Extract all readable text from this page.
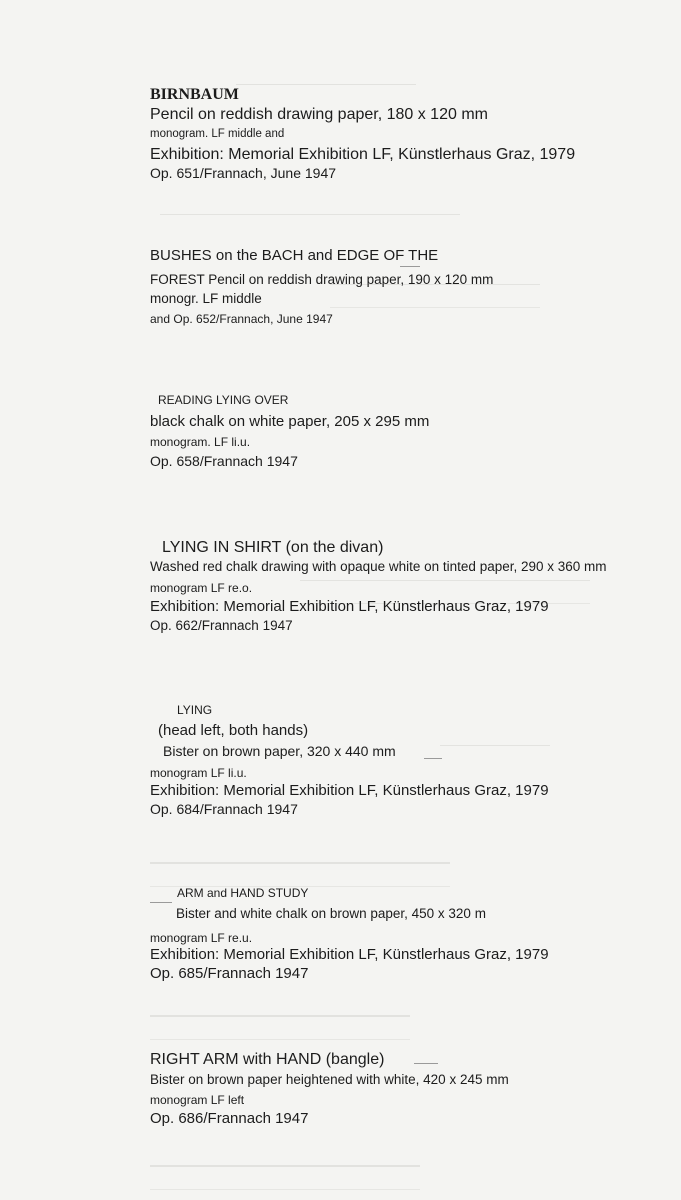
BIRNBAUM
Pencil on reddish drawing paper, 180 x 120 mm
monogram. LF middle and
Exhibition: Memorial Exhibition LF, Künstlerhaus Graz, 1979
Op. 651/Frannach, June 1947
BUSHES on the BACH and EDGE OF THE
FOREST Pencil on reddish drawing paper, 190 x 120 mm
monogr. LF middle
and Op. 652/Frannach, June 1947
READING LYING OVER
black chalk on white paper, 205 x 295 mm
monogram. LF li.u.
Op. 658/Frannach 1947
LYING IN SHIRT (on the divan)
Washed red chalk drawing with opaque white on tinted paper, 290 x 360 mm
monogram LF re.o.
Exhibition: Memorial Exhibition LF, Künstlerhaus Graz, 1979
Op. 662/Frannach 1947
LYING
(head left, both hands)
Bister on brown paper, 320 x 440 mm
monogram LF li.u.
Exhibition: Memorial Exhibition LF, Künstlerhaus Graz, 1979
Op. 684/Frannach 1947
ARM and HAND STUDY
Bister and white chalk on brown paper, 450 x 320 m
monogram LF re.u.
Exhibition: Memorial Exhibition LF, Künstlerhaus Graz, 1979
Op. 685/Frannach 1947
RIGHT ARM with HAND (bangle)
Bister on brown paper heightened with white, 420 x 245 mm
monogram LF left
Op. 686/Frannach 1947
